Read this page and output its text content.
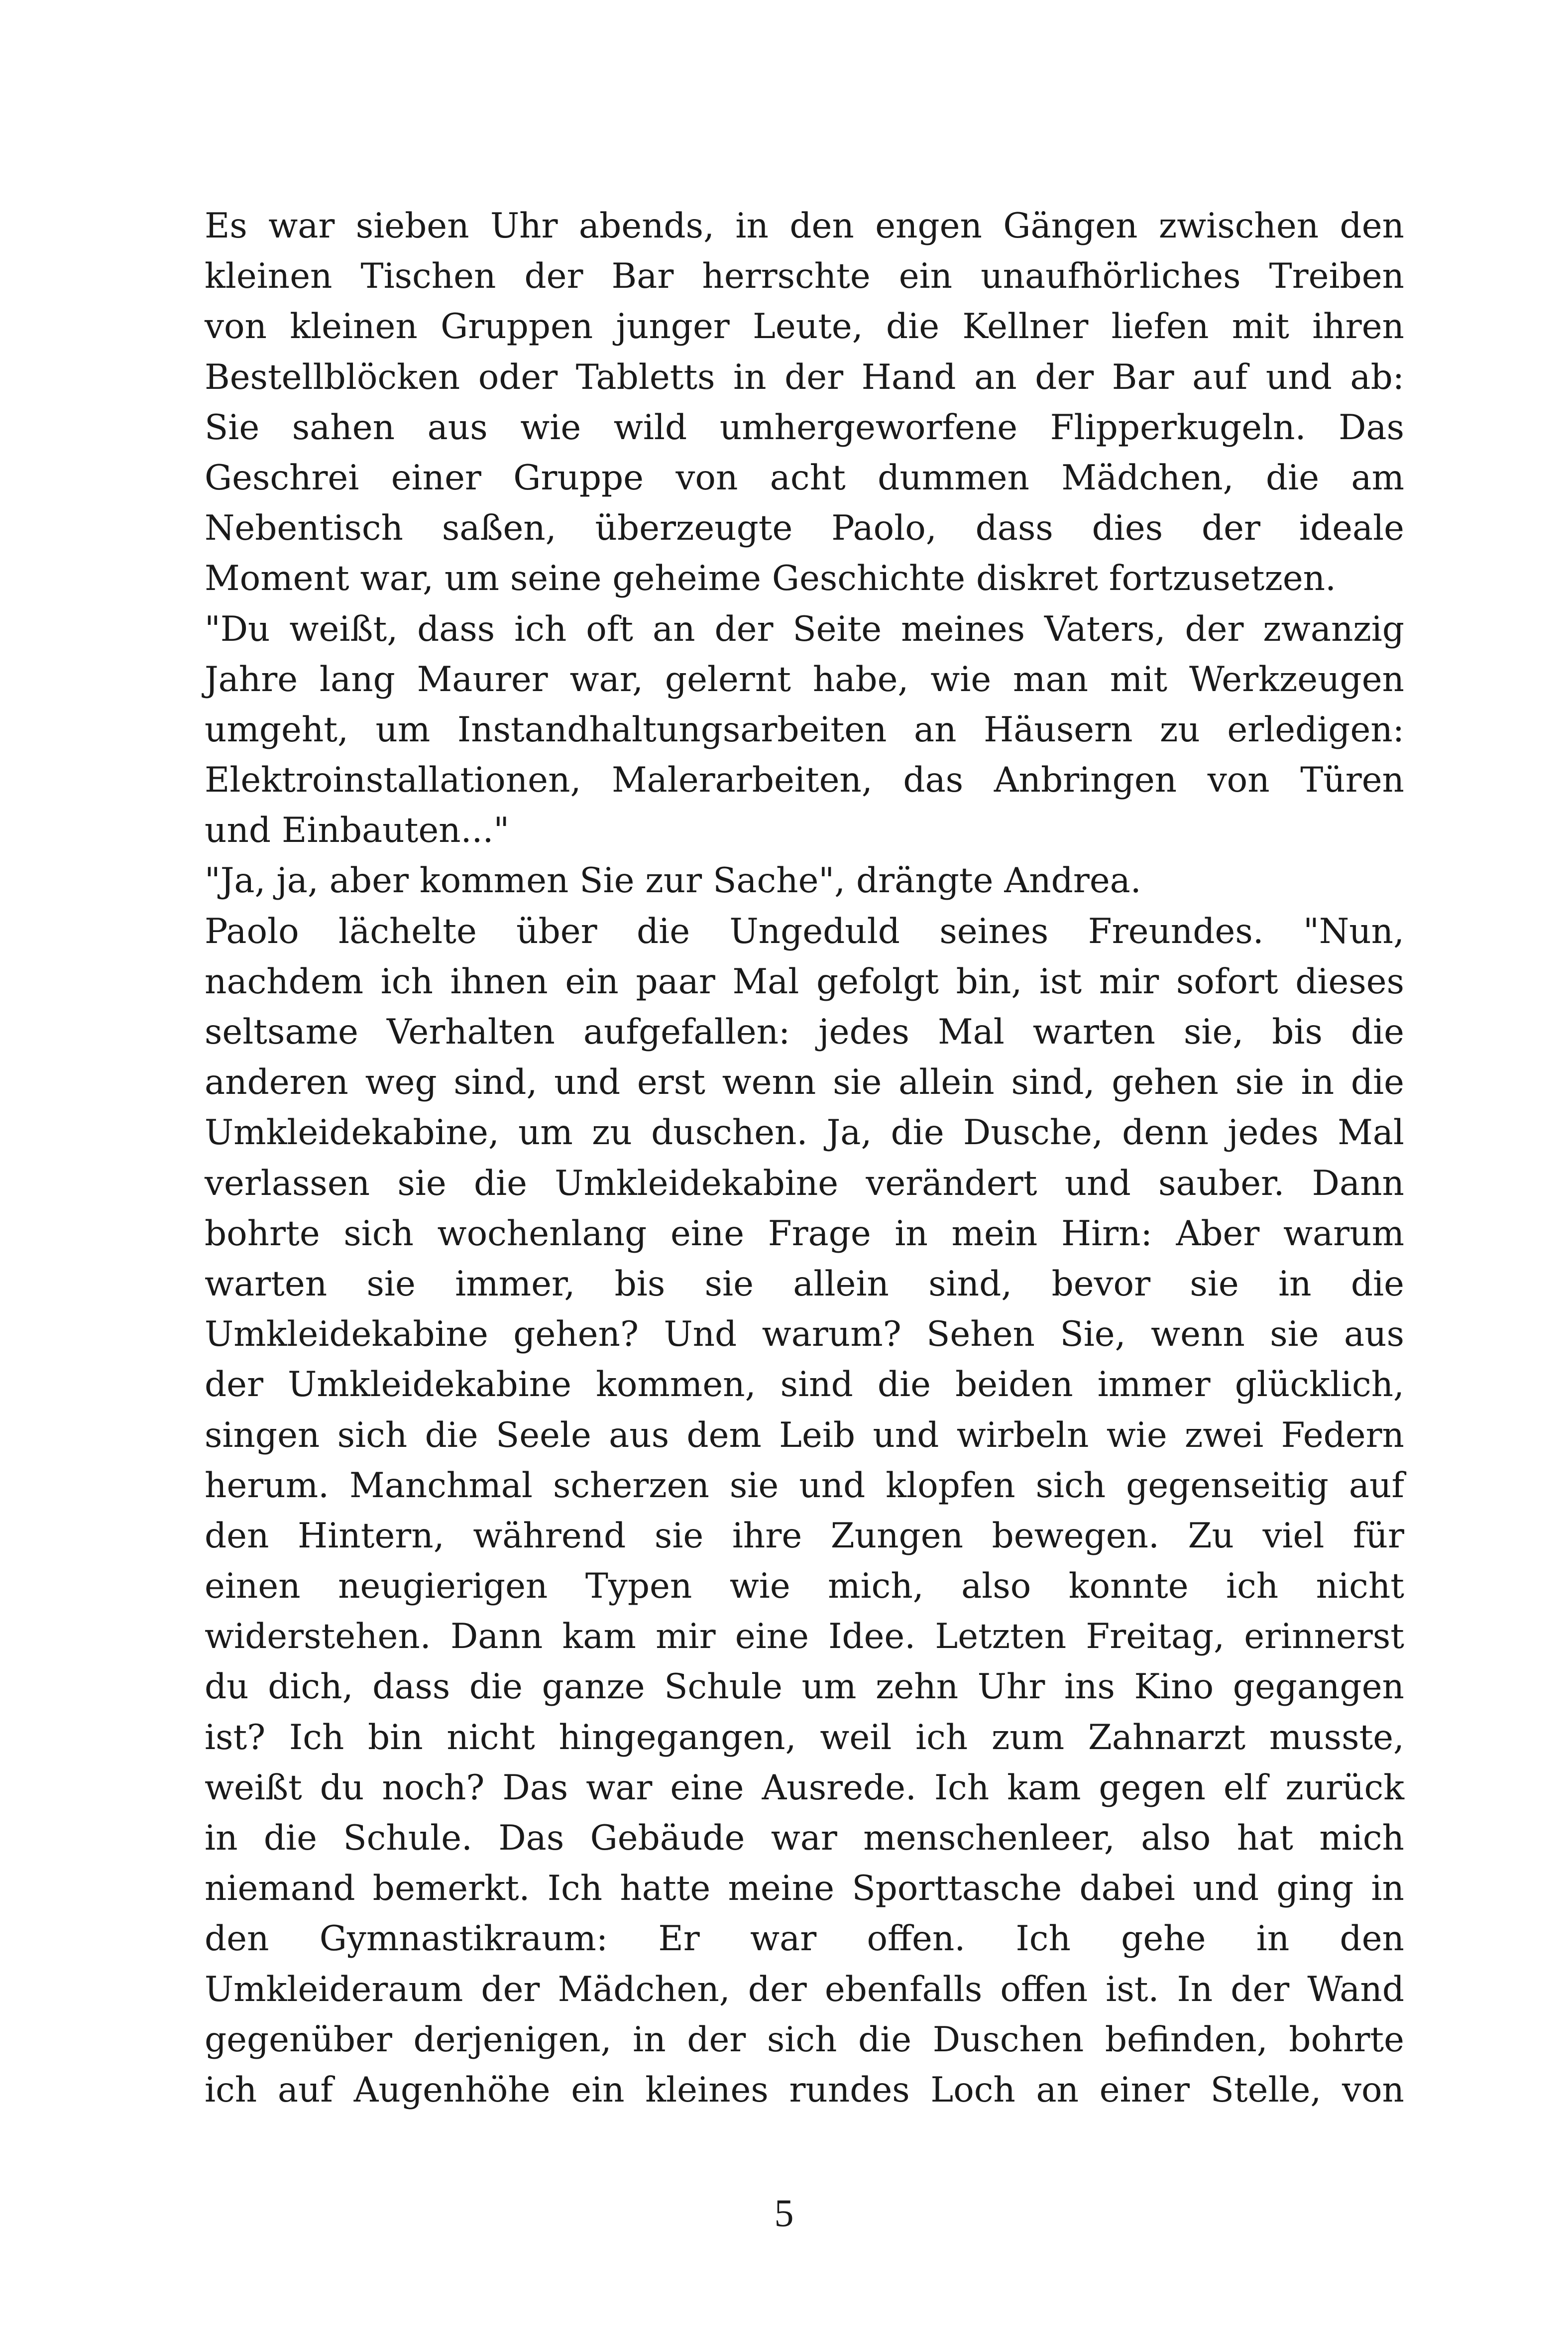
Es war sieben Uhr abends, in den engen Gängen zwischen den
kleinen Tischen der Bar herrschte ein unaufhörliches Treiben
von kleinen Gruppen junger Leute, die Kellner liefen mit ihren
Bestellblöcken oder Tabletts in der Hand an der Bar auf und ab:
Sie sahen aus wie wild umhergeworfene Flipperkugeln. Das
Geschrei einer Gruppe von acht dummen Mädchen, die am
Nebentisch saßen, überzeugte Paolo, dass dies der ideale
Moment war, um seine geheime Geschichte diskret fortzusetzen.
"Du weißt, dass ich oft an der Seite meines Vaters, der zwanzig
Jahre lang Maurer war, gelernt habe, wie man mit Werkzeugen
umgeht, um Instandhaltungsarbeiten an Häusern zu erledigen:
Elektroinstallationen, Malerarbeiten, das Anbringen von Türen
und Einbauten..."
"Ja, ja, aber kommen Sie zur Sache", drängte Andrea.
Paolo lächelte über die Ungeduld seines Freundes. "Nun,
nachdem ich ihnen ein paar Mal gefolgt bin, ist mir sofort dieses
seltsame Verhalten aufgefallen: jedes Mal warten sie, bis die
anderen weg sind, und erst wenn sie allein sind, gehen sie in die
Umkleidekabine, um zu duschen. Ja, die Dusche, denn jedes Mal
verlassen sie die Umkleidekabine verändert und sauber. Dann
bohrte sich wochenlang eine Frage in mein Hirn: Aber warum
warten sie immer, bis sie allein sind, bevor sie in die
Umkleidekabine gehen? Und warum? Sehen Sie, wenn sie aus
der Umkleidekabine kommen, sind die beiden immer glücklich,
singen sich die Seele aus dem Leib und wirbeln wie zwei Federn
herum. Manchmal scherzen sie und klopfen sich gegenseitig auf
den Hintern, während sie ihre Zungen bewegen. Zu viel für
einen neugierigen Typen wie mich, also konnte ich nicht
widerstehen. Dann kam mir eine Idee. Letzten Freitag, erinnerst
du dich, dass die ganze Schule um zehn Uhr ins Kino gegangen
ist? Ich bin nicht hingegangen, weil ich zum Zahnarzt musste,
weißt du noch? Das war eine Ausrede. Ich kam gegen elf zurück
in die Schule. Das Gebäude war menschenleer, also hat mich
niemand bemerkt. Ich hatte meine Sporttasche dabei und ging in
den Gymnastikraum: Er war offen. Ich gehe in den
Umkleideraum der Mädchen, der ebenfalls offen ist. In der Wand
gegenüber derjenigen, in der sich die Duschen befinden, bohrte
ich auf Augenhöhe ein kleines rundes Loch an einer Stelle, von
5
